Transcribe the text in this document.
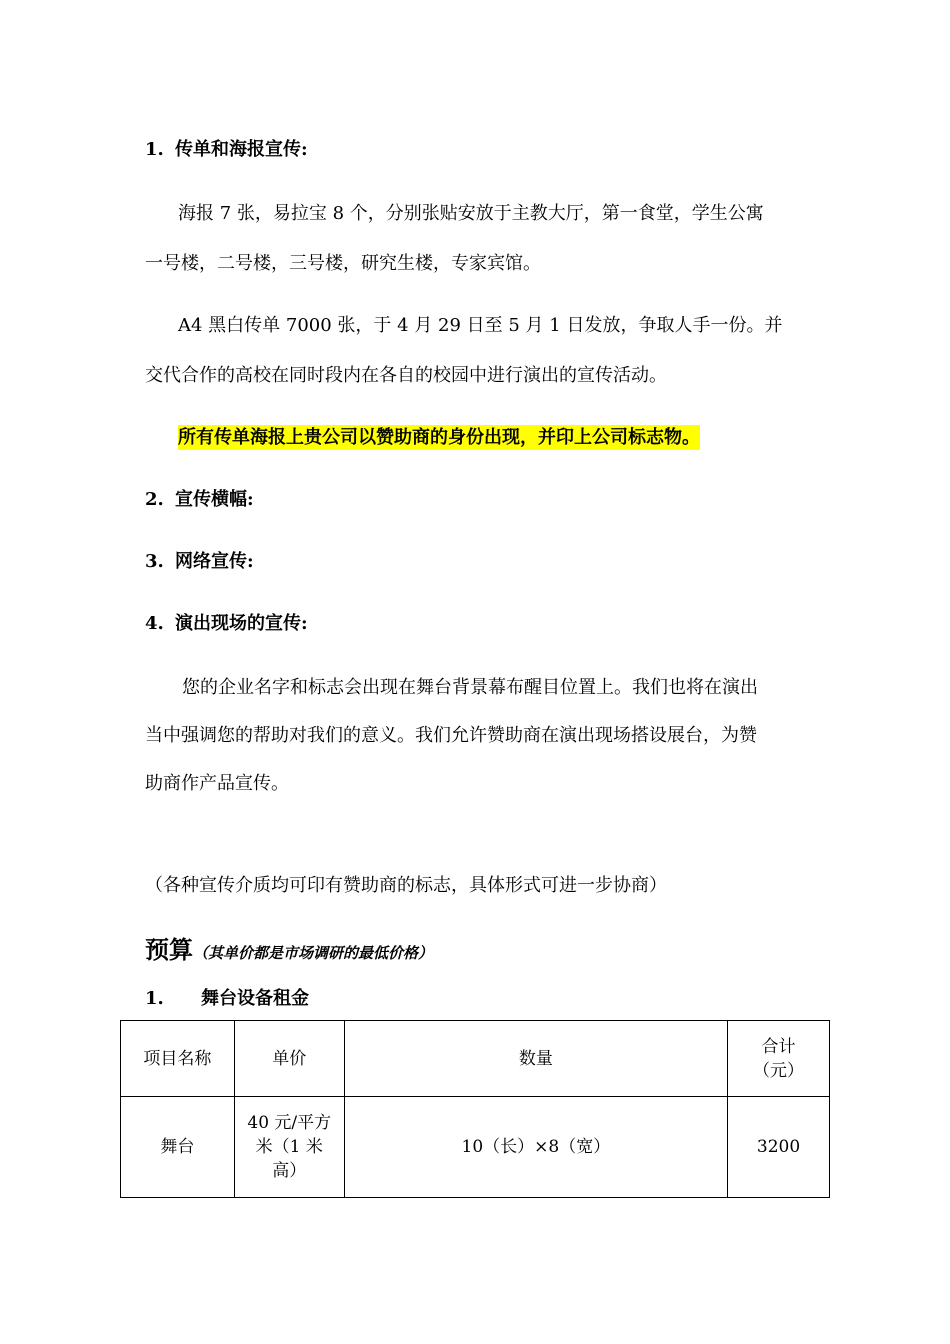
1. 传单和海报宣传:
海报 7 张，易拉宝 8 个，分别张贴安放于主教大厅，第一食堂，学生公寓
一号楼，二号楼，三号楼，研究生楼，专家宾馆。
A4 黑白传单 7000 张，于 4 月 29 日至 5 月 1 日发放，争取人手一份。并
交代合作的高校在同时段内在各自的校园中进行演出的宣传活动。
所有传单海报上贵公司以赞助商的身份出现，并印上公司标志物。
2. 宣传横幅:
3. 网络宣传:
4. 演出现场的宣传:
您的企业名字和标志会出现在舞台背景幕布醒目位置上。我们也将在演出
当中强调您的帮助对我们的意义。我们允许赞助商在演出现场搭设展台，为赞
助商作产品宣传。
（各种宣传介质均可印有赞助商的标志，具体形式可进一步协商）
预算（其单价都是市场调研的最低价格）
1. 舞台设备租金
项目名称	单价	数量	合计
（元）

舞台	40 元/平方
米（1 米
高）	10（长）×8（宽）	3200
